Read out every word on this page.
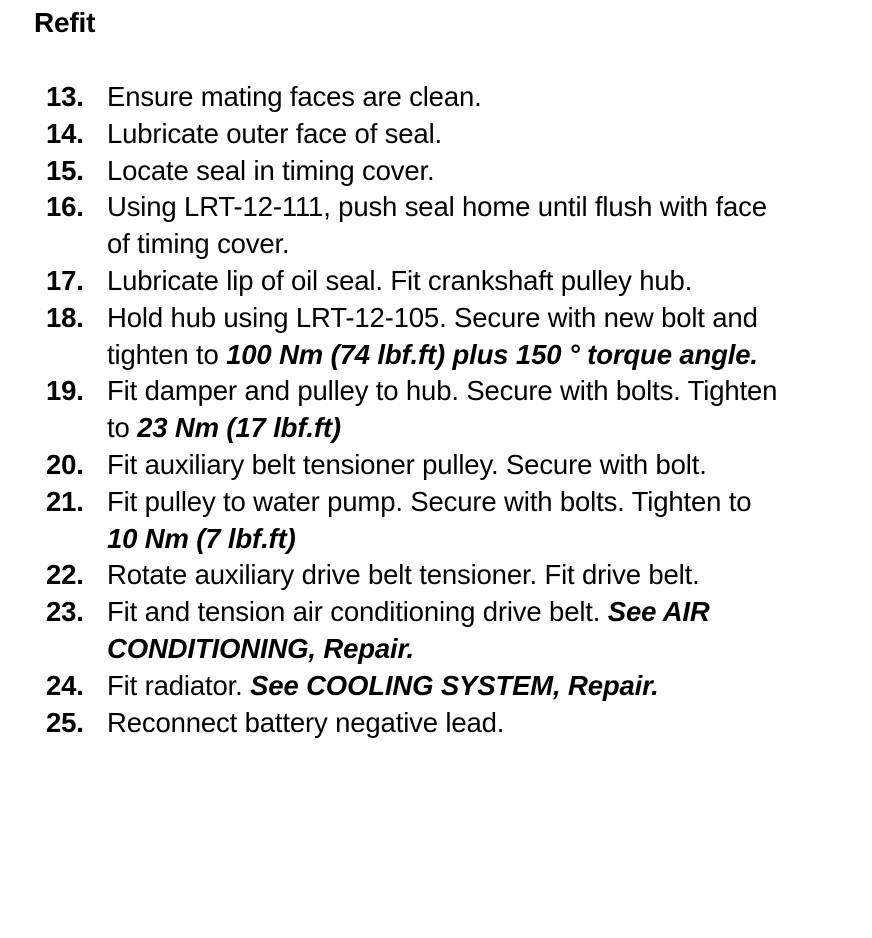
Refit
13. Ensure mating faces are clean.
14. Lubricate outer face of seal.
15. Locate seal in timing cover.
16. Using LRT-12-111, push seal home until flush with face of timing cover.
17. Lubricate lip of oil seal. Fit crankshaft pulley hub.
18. Hold hub using LRT-12-105. Secure with new bolt and tighten to 100 Nm (74 lbf.ft) plus 150 ° torque angle.
19. Fit damper and pulley to hub. Secure with bolts. Tighten to 23 Nm (17 lbf.ft)
20. Fit auxiliary belt tensioner pulley. Secure with bolt.
21. Fit pulley to water pump. Secure with bolts. Tighten to 10 Nm (7 lbf.ft)
22. Rotate auxiliary drive belt tensioner. Fit drive belt.
23. Fit and tension air conditioning drive belt. See AIR CONDITIONING, Repair.
24. Fit radiator. See COOLING SYSTEM, Repair.
25. Reconnect battery negative lead.
